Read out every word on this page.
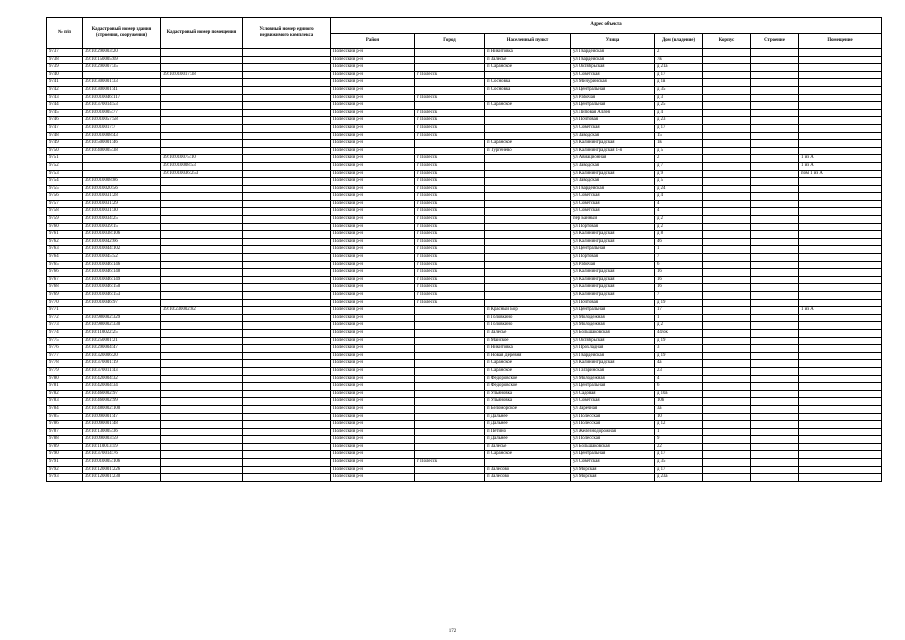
№ п/п	Кадастровый номер здания (строения, сооружения)	Кадастровый номер помещения	Условный номер единого недвижимого комплекса	Адрес объекта							
				Район	Город	Населенный пункт	Улица	Дом (владение)	Корпус	Строение	Помещение
9737	39:10:290003:20			Полесский р-н		п Никитовка	ул Гвардейская	2			
9738	39:10:150005:69			Полесский р-н		п Залесье	ул Гвардейская	7в			
9739	39:10:290007:35			Полесский р-н		п Саранское	ул Октябрьская	д 21а			
9740		39:10:010017:38		Полесский р-н	г Полесск		ул Советская	д 17			
9741	39:10:300001:33			Полесский р-н		п Сосновка	ул Мичуринская	д 1в			
9742	39:10:300001:41			Полесский р-н		п Сосновка	ул Центральная	д 35			
9743	39:10:010046:117			Полесский р-н	г Полесск		ул Рабочая	д 3			
9744	39:10:370014:53			Полесский р-н		п Саранское	ул Центральная	д 25			
9745	39:10:010005:77			Полесский р-н	г Полесск		ул Липовая Аллея	д 4			
9746	39:10:010057:58			Полесский р-н	г Полесск		ул Почтовая	д 23			
9747	39:10:010017:7			Полесский р-н	г Полесск		ул Советская	д 17			
9748	39:10:010008:43			Полесский р-н	г Полесск		ул Заводская	15			
9749	39:10:500001:46			Полесский р-н		п Саранское	ул Калининградская	1в			
9750	39:10:400005:38			Полесский р-н		п Тургенево	ул Калининградская 1-я	д 5			
9751		39:10:010075:10		Полесский р-н	г Полесск		ул Авиационная	2			1 из А
9752		39:10:010008:53		Полесский р-н	г Полесск		ул Заводская	д 7			1 из А
9753		39:10:010036:253		Полесский р-н	г Полесск		ул Калининградская	д 9			пом 1 из А
9754	39:10:010008:86			Полесский р-н	г Полесск		ул Заводская	д 5			
9755	39:10:010020:56			Полесский р-н	г Полесск		ул Гвардейская	д 24			
9756	39:10:010031:28			Полесский р-н	г Полесск		ул Советская	д 4			
9757	39:10:010031:29			Полесский р-н	г Полесск		ул Советская	4			
9758	39:10:010031:30			Полесский р-н	г Полесск		ул Советская	4			
9759	39:10:010034:25			Полесский р-н	г Полесск		пер Банный	д 2			
9760	39:10:010039:15			Полесский р-н	г Полесск		ул Портовая	д 2			
9761	39:10:010038:106			Полесский р-н	г Полесск		ул Калининградская	д 8			
9762	39:10:010042:66			Полесский р-н	г Полесск		ул Калининградская	46			
9763	39:10:010044:102			Полесский р-н	г Полесск		ул Центральная	1			
9764	39:10:010045:52			Полесский р-н	г Полесск		ул Портовая	7			
9765	39:10:010046:146			Полесский р-н	г Полесск		ул Рабочая	6			
9766	39:10:010046:148			Полесский р-н	г Полесск		ул Калининградская	16			
9767	39:10:010046:149			Полесский р-н	г Полесск		ул Калининградская	16			
9768	39:10:010046:150			Полесский р-н	г Полесск		ул Калининградская	16			
9769	39:10:010046:153			Полесский р-н	г Полесск		ул Калининградская	7			
9770	39:10:010046:97			Полесский р-н	г Полесск		ул Почтовая	д 19			
9771		39:10:230002:82		Полесский р-н		п Красный Бор	ул Центральная	17			1 из А
9772	39:10:980002:329			Полесский р-н		п Головкино	ул Молодежная	1			
9773	39:10:980002:330			Полесский р-н		п Головкино	ул Молодежная	д 2			
9774	39:10:110022:25			Полесский р-н		п Залесье	ул Большаковская	44/ок			
9775	39:10:250001:21			Полесский р-н		п Майское	ул Октябрьская	д 19			
9776	39:10:290004:47			Полесский р-н		п Никитовка	ул Прохладная	3			
9777	39:10:320006:20			Полесский р-н		п Новая Деревня	ул Гвардейская	д 19			
9778	39:10:370001:19			Полесский р-н		п Саранское	ул Калининградская	4а			
9779	39:10:370011:43			Полесский р-н		п Саранское	ул Гагаринская	23			
9780	39:10:420004:32			Полесский р-н		п Федоровское	ул Молодежная	4			
9781	39:10:420004:34			Полесский р-н		п Федоровское	ул Центральная	6			
9782	39:10:460002:97			Полесский р-н		п Ульяновка	ул Садовая	д 10а			
9783	39:10:460002:99			Полесский р-н		п Ульяновка	ул Советская	10б			
9784	39:10:480002:100			Полесский р-н		п Беломорское	ул Заречная	3а			
9785	39:10:090001:47			Полесский р-н		п Дальнее	ул Полесская	10			
9786	39:10:090001:48			Полесский р-н		п Дальнее	ул Полесская	д 12			
9787	39:10:130005:36			Полесский р-н		п Петино	ул Железнодорожная	1			
9788	39:10:090003:59			Полесский р-н		п Дальнее	ул Полесская	9			
9789	39:10:110013:19			Полесский р-н		п Залесье	ул Большаковская	22			
9790	39:10:370014:76			Полесский р-н		п Саранское	ул Центральная	д 17			
9791	39:10:010005:106			Полесский р-н	г Полесск		ул Советская	д 35			
9792	39:10:120001:226			Полесский р-н		п Залесово	ул Морская	д 17			
9793	39:10:120001:230			Полесский р-н		п Залесово	ул Морская	д 23а			
172
